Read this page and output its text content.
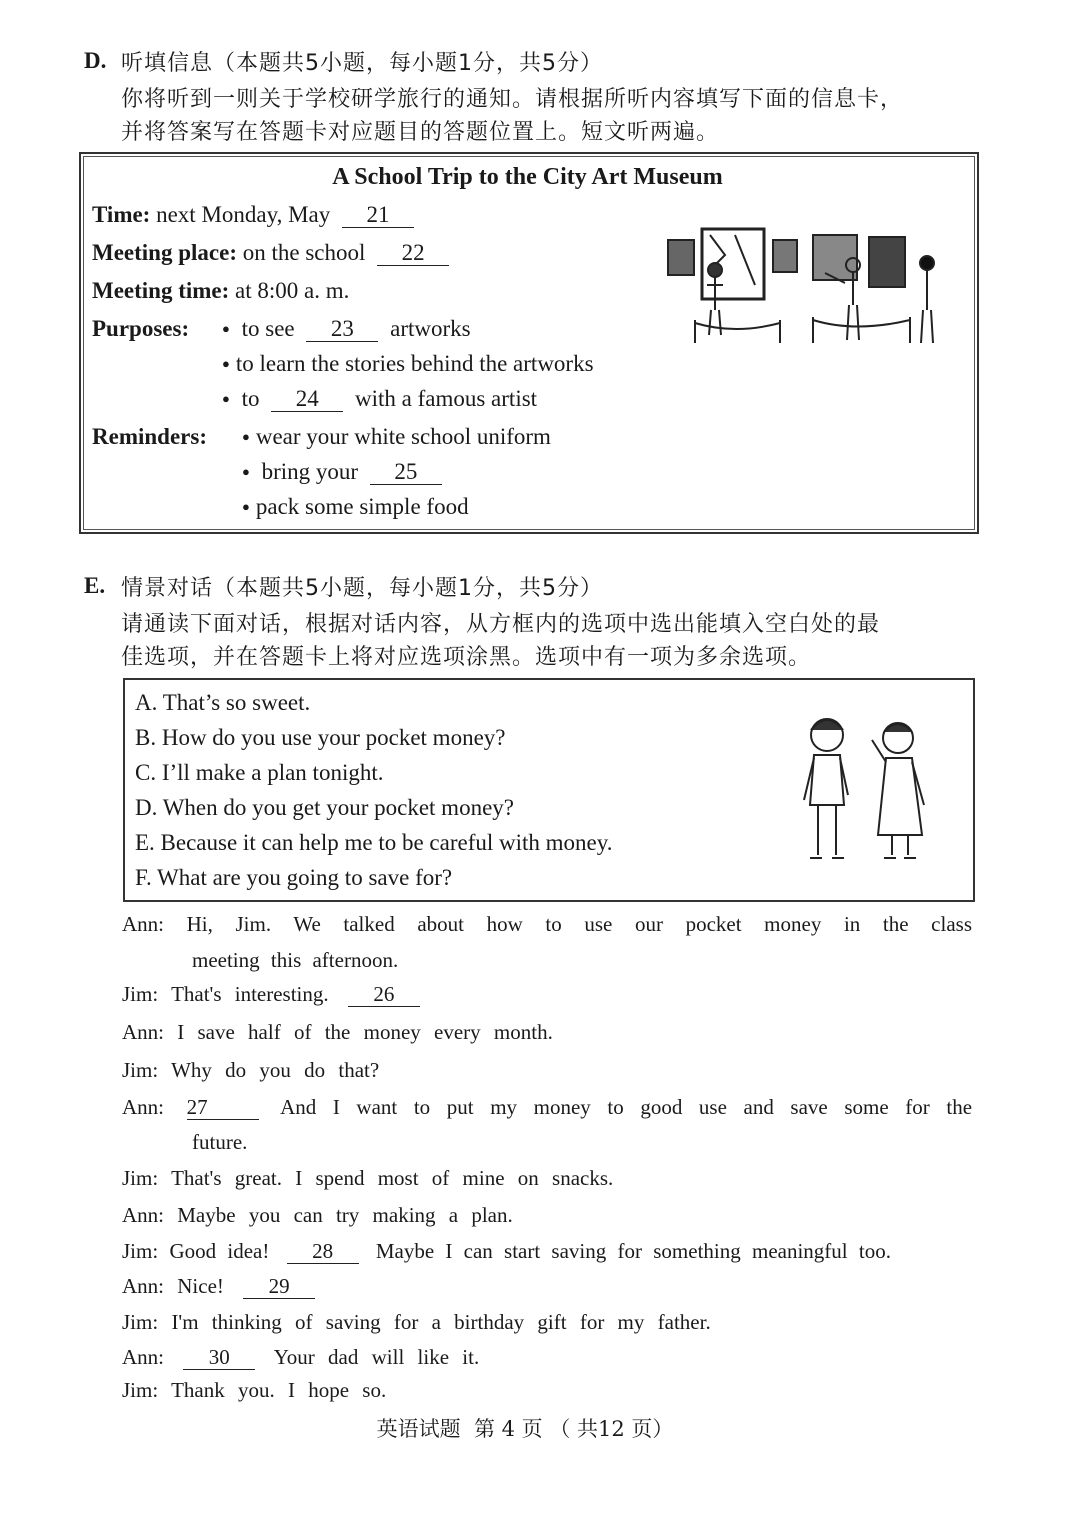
D. 听填信息（本题共5小题，每小题1分，共5分）
你将听到一则关于学校研学旅行的通知。请根据所听内容填写下面的信息卡，
并将答案写在答题卡对应题目的答题位置上。短文听两遍。
A School Trip to the City Art Museum
Time: next Monday, May 21
Meeting place: on the school 22
Meeting time: at 8:00 a. m.
Purposes:	● to see 23 artworks
● to learn the stories behind the artworks
● to 24 with a famous artist
Reminders:	● wear your white school uniform
● bring your 25
● pack some simple food
E. 情景对话（本题共5小题，每小题1分，共5分）
请通读下面对话，根据对话内容，从方框内的选项中选出能填入空白处的最
佳选项，并在答题卡上将对应选项涂黑。选项中有一项为多余选项。
A. That’s so sweet.
B. How do you use your pocket money?
C. I’ll make a plan tonight.
D. When do you get your pocket money?
E. Because it can help me to be careful with money.
F. What are you going to save for?
Ann: Hi, Jim. We talked about how to use our pocket money in the class
meeting this afternoon.
Jim: That's interesting. 26
Ann: I save half of the money every month.
Jim: Why do you do that?
Ann: 27	And I want to put my money to good use and save some for the
future.
Jim: That's great. I spend most of mine on snacks.
Ann: Maybe you can try making a plan.
Jim: Good idea! 28 Maybe I can start saving for something meaningful too.
Ann: Nice! 29
Jim: I'm thinking of saving for a birthday gift for my father.
Ann: 30 Your dad will like it.
Jim: Thank you. I hope so.
英语试题  第 4 页 （ 共12 页）
